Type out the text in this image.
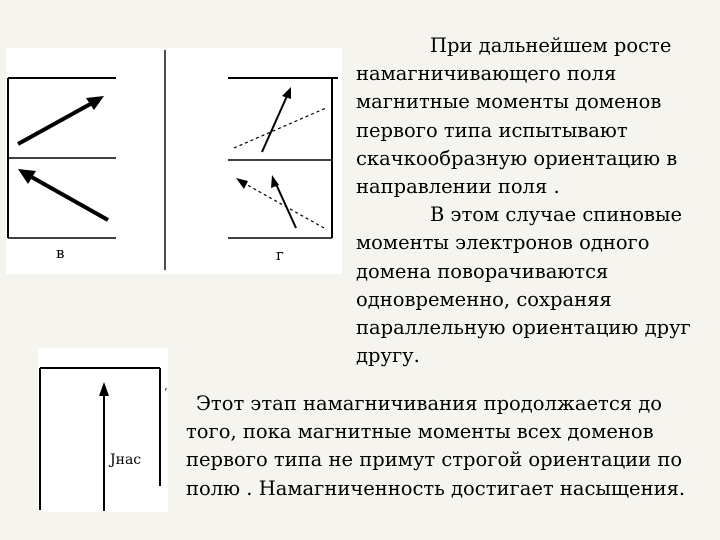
в	г
Jнас
’
При дальнейшем росте
намагничивающего поля
магнитные моменты доменов
первого типа испытывают
скачкообразную ориентацию в
направлении поля .
В этом случае спиновые
моменты электронов одного
домена поворачиваются
одновременно, сохраняя
параллельную ориентацию друг
другу.
Этот этап намагничивания продолжается до
того, пока магнитные моменты всех доменов
первого типа не примут строгой ориентации по
полю . Намагниченность достигает насыщения.
